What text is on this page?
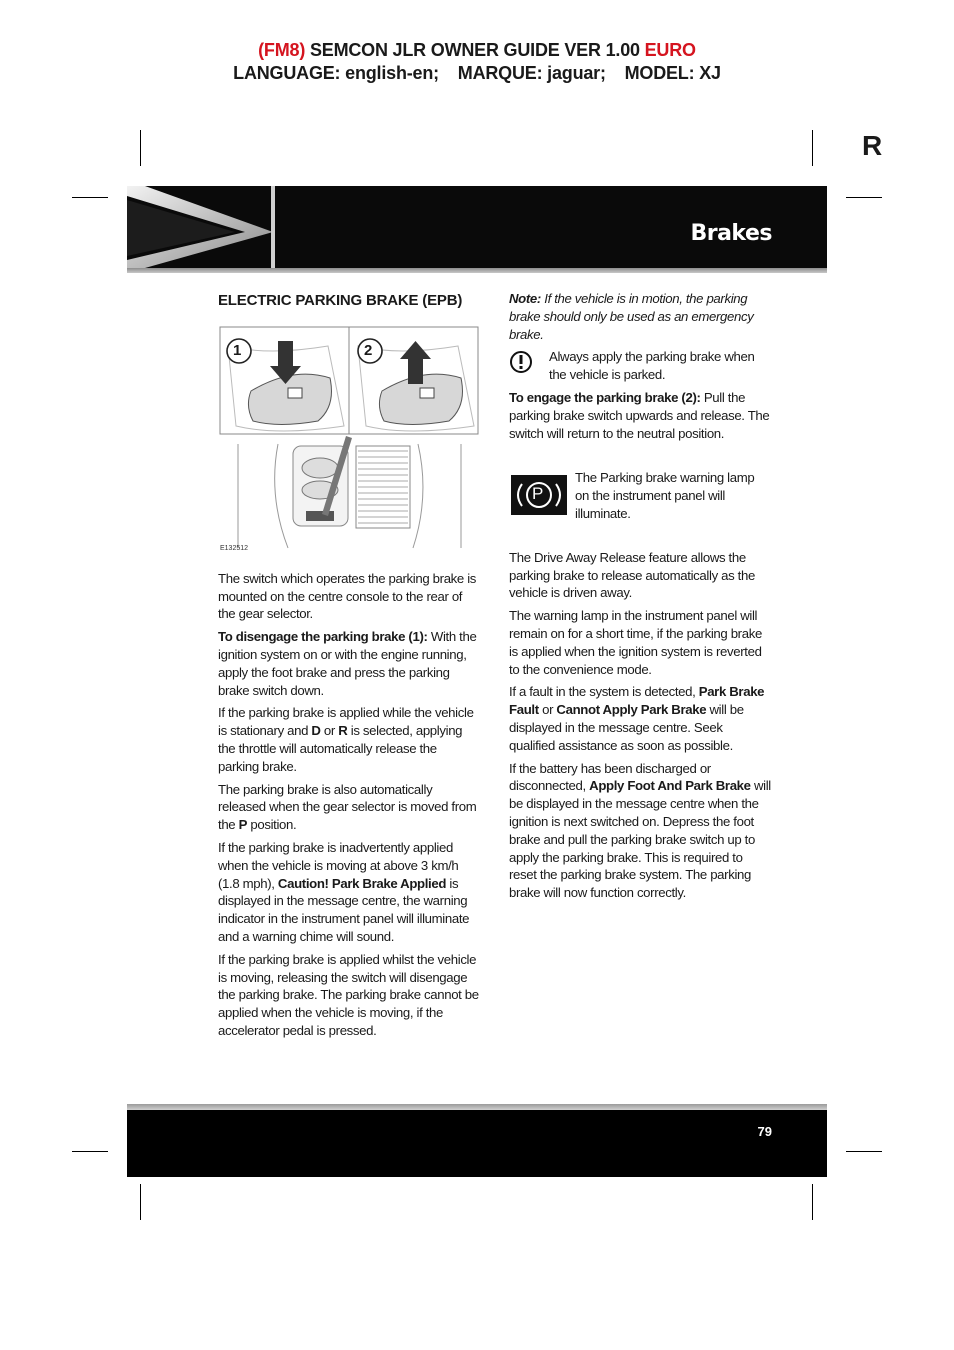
(FM8) SEMCON JLR OWNER GUIDE VER 1.00 EURO
LANGUAGE: english-en; MARQUE: jaguar; MODEL: XJ
R
Brakes
ELECTRIC PARKING BRAKE (EPB)
1	2
E132512

The switch which operates the parking brake is mounted on the centre console to the rear of the gear selector.

To disengage the parking brake (1): With the ignition system on or with the engine running, apply the foot brake and press the parking brake switch down.

If the parking brake is applied while the vehicle is stationary and D or R is selected, applying the throttle will automatically release the parking brake.

The parking brake is also automatically released when the gear selector is moved from the P position.

If the parking brake is inadvertently applied when the vehicle is moving at above 3 km/h (1.8 mph), Caution! Park Brake Applied is displayed in the message centre, the warning indicator in the instrument panel will illuminate and a warning chime will sound.

If the parking brake is applied whilst the vehicle is moving, releasing the switch will disengage the parking brake. The parking brake cannot be applied when the vehicle is moving, if the accelerator pedal is pressed.

Note: If the vehicle is in motion, the parking brake should only be used as an emergency brake.

Always apply the parking brake when the vehicle is parked.

To engage the parking brake (2): Pull the parking brake switch upwards and release. The switch will return to the neutral position.

P
The Parking brake warning lamp on the instrument panel will illuminate.

The Drive Away Release feature allows the parking brake to release automatically as the vehicle is driven away.

The warning lamp in the instrument panel will remain on for a short time, if the parking brake is applied when the ignition system is reverted to the convenience mode.

If a fault in the system is detected, Park Brake Fault or Cannot Apply Park Brake will be displayed in the message centre. Seek qualified assistance as soon as possible.

If the battery has been discharged or disconnected, Apply Foot And Park Brake will be displayed in the message centre when the ignition is next switched on. Depress the foot brake and pull the parking brake switch up to apply the parking brake. This is required to reset the parking brake system. The parking brake will now function correctly.

79
